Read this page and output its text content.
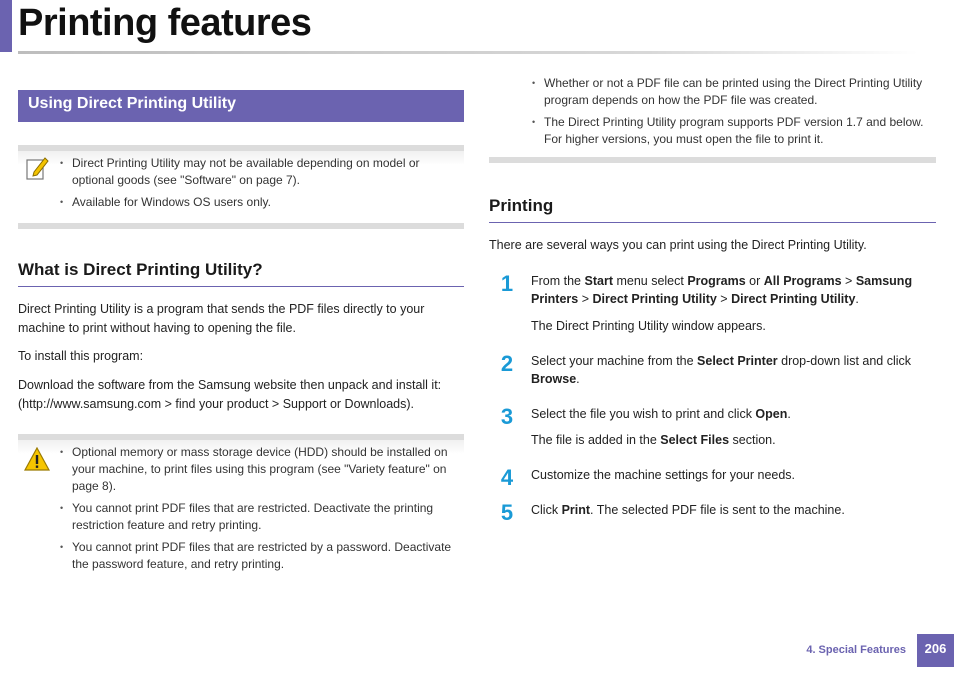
Printing features
Using Direct Printing Utility
• Direct Printing Utility may not be available depending on model or optional goods (see "Software" on page 7).
• Available for Windows OS users only.
What is Direct Printing Utility?
Direct Printing Utility is a program that sends the PDF files directly to your machine to print without having to opening the file.
To install this program:
Download the software from the Samsung website then unpack and install it: (http://www.samsung.com > find your product > Support or Downloads).
• Optional memory or mass storage device (HDD) should be installed on your machine, to print files using this program (see "Variety feature" on page 8).
• You cannot print PDF files that are restricted. Deactivate the printing restriction feature and retry printing.
• You cannot print PDF files that are restricted by a password. Deactivate the password feature, and retry printing.
• Whether or not a PDF file can be printed using the Direct Printing Utility program depends on how the PDF file was created.
• The Direct Printing Utility program supports PDF version 1.7 and below. For higher versions, you must open the file to print it.
Printing
There are several ways you can print using the Direct Printing Utility.
1	From the Start menu select Programs or All Programs > Samsung Printers > Direct Printing Utility > Direct Printing Utility.
The Direct Printing Utility window appears.
2	Select your machine from the Select Printer drop-down list and click Browse.
3	Select the file you wish to print and click Open.
The file is added in the Select Files section.
4	Customize the machine settings for your needs.
5	Click Print. The selected PDF file is sent to the machine.
4. Special Features	206
